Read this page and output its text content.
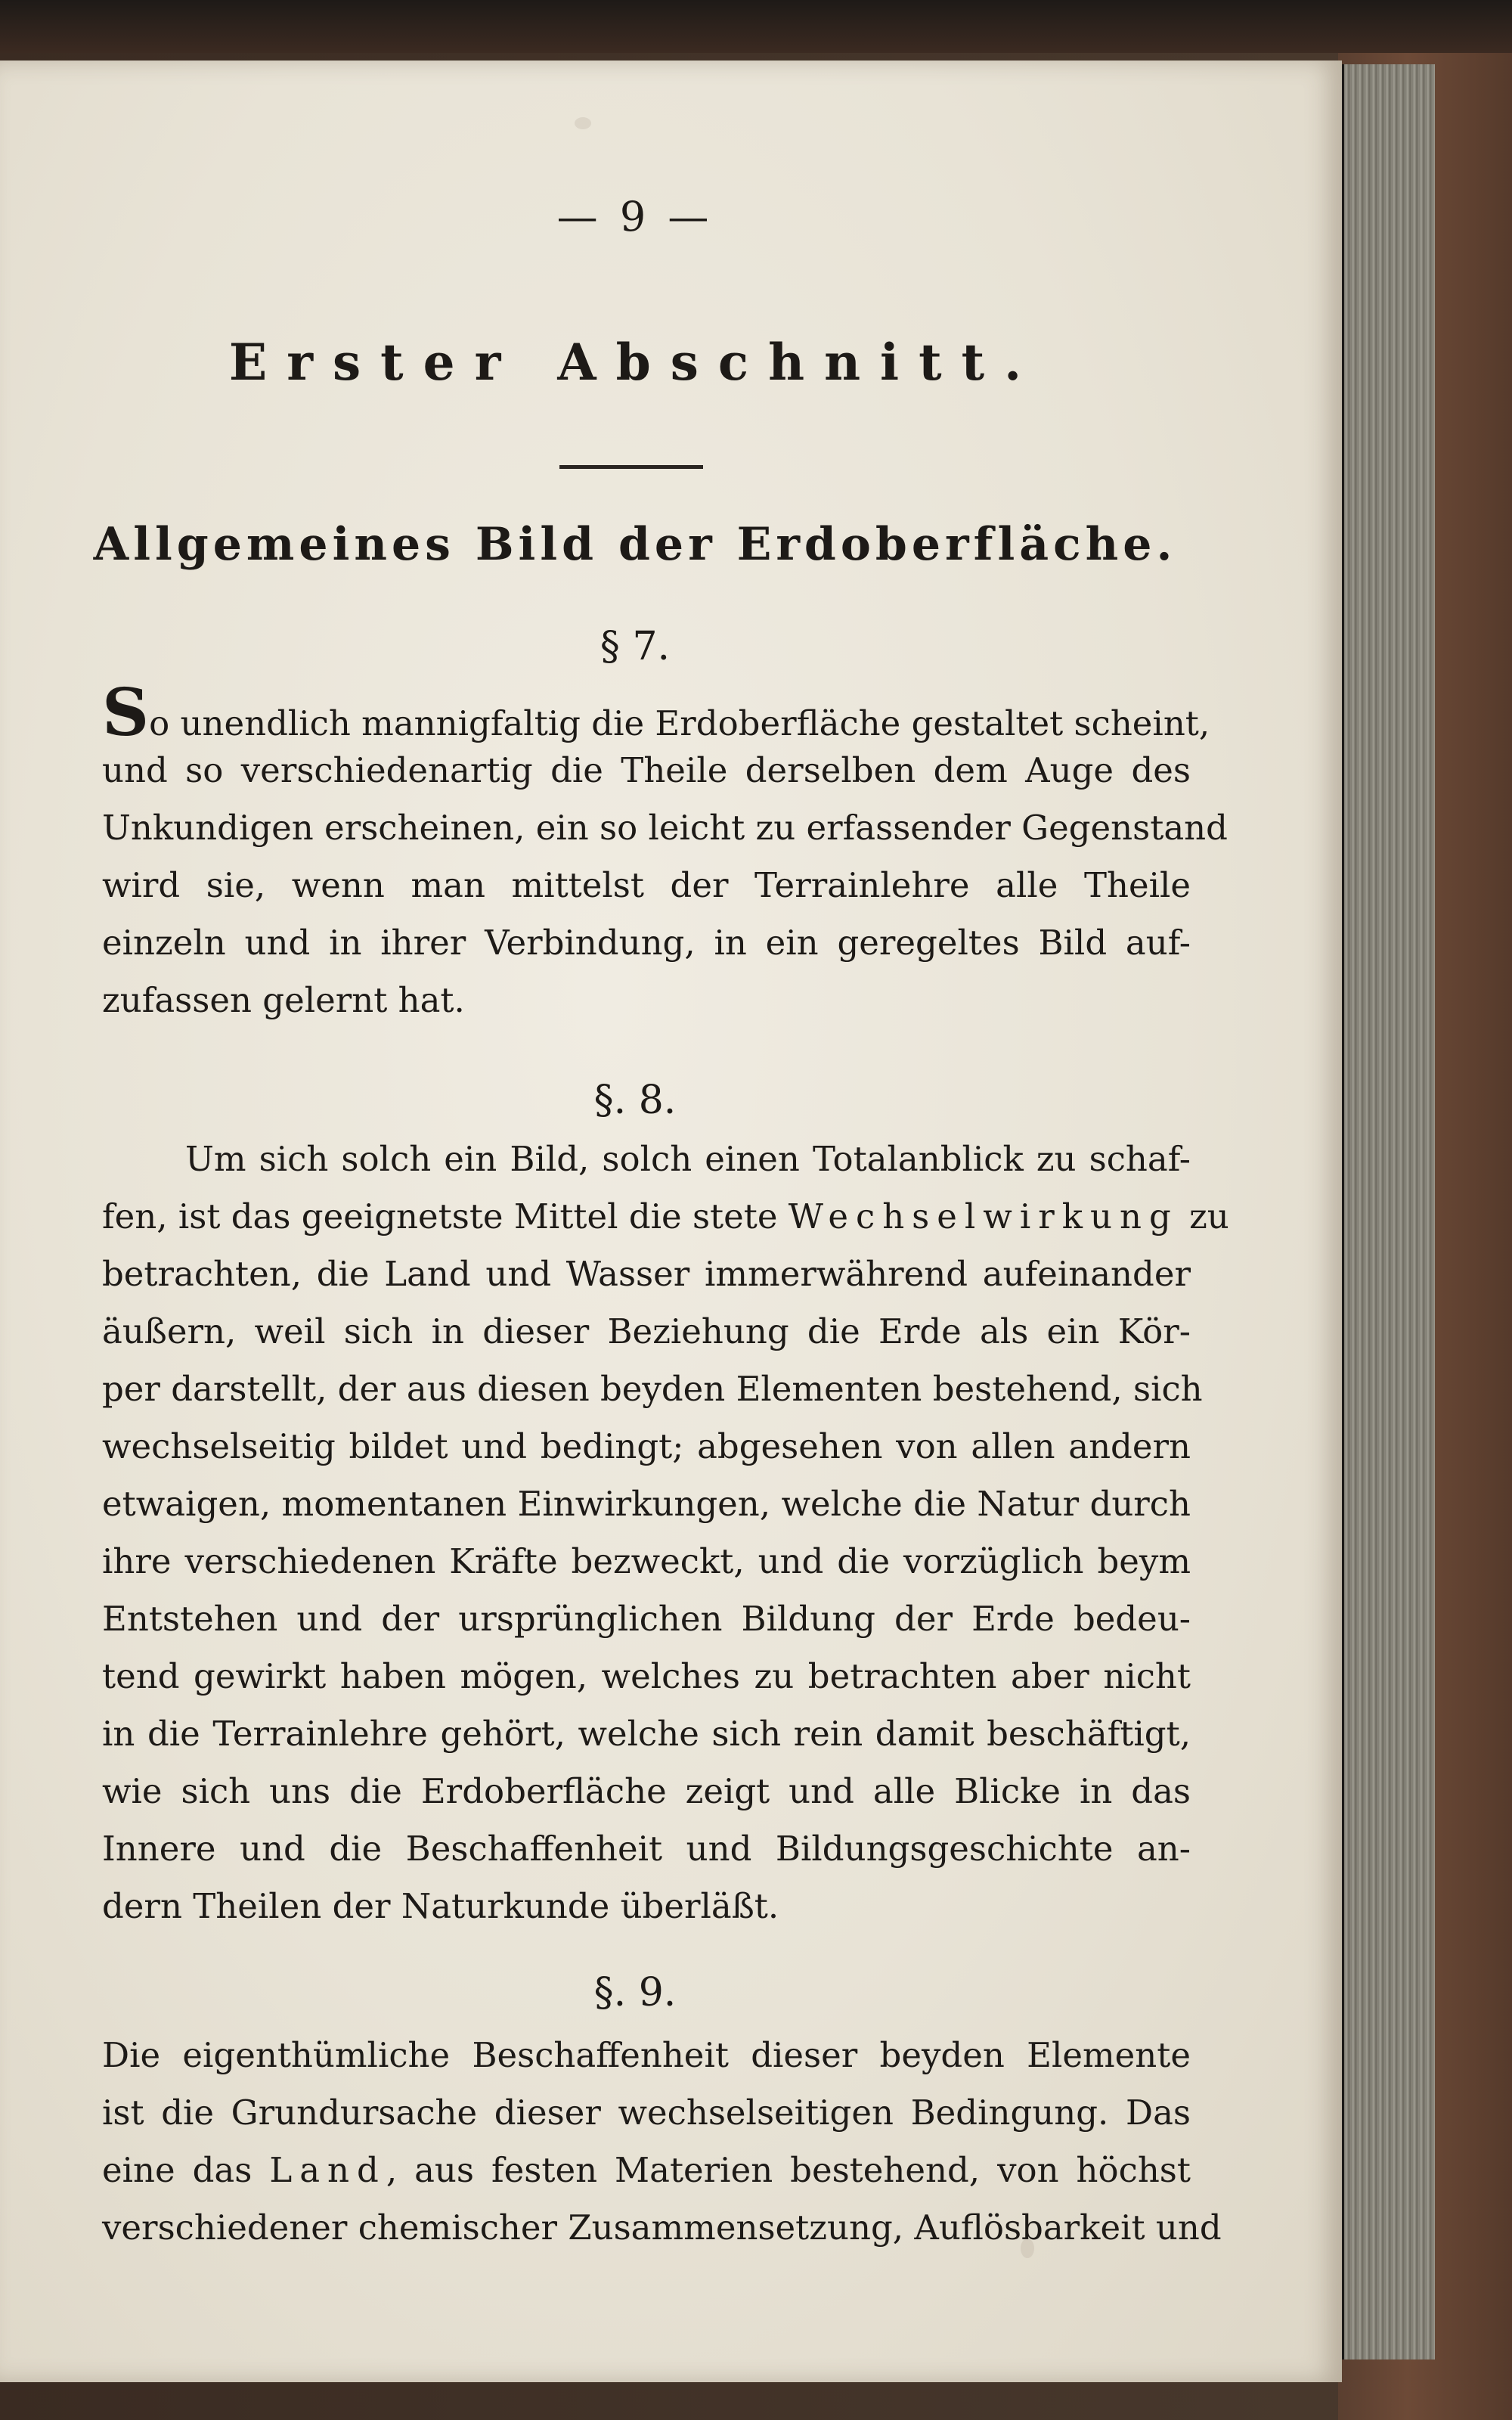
— 9 —
Erster Abschnitt.
Allgemeines Bild der Erdoberfläche.
§ 7.
So unendlich mannigfaltig die Erdoberfläche gestaltet scheint,
und so verschiedenartig die Theile derselben dem Auge des
Unkundigen erscheinen, ein so leicht zu erfassender Gegenstand
wird sie, wenn man mittelst der Terrainlehre alle Theile
einzeln und in ihrer Verbindung, in ein geregeltes Bild auf-
zufassen gelernt hat.
§. 8.
Um sich solch ein Bild, solch einen Totalanblick zu schaf-
fen, ist das geeignetste Mittel die stete Wechselwirkung zu
betrachten, die Land und Wasser immerwährend aufeinander
äußern, weil sich in dieser Beziehung die Erde als ein Kör-
per darstellt, der aus diesen beyden Elementen bestehend, sich
wechselseitig bildet und bedingt; abgesehen von allen andern
etwaigen, momentanen Einwirkungen, welche die Natur durch
ihre verschiedenen Kräfte bezweckt, und die vorzüglich beym
Entstehen und der ursprünglichen Bildung der Erde bedeu-
tend gewirkt haben mögen, welches zu betrachten aber nicht
in die Terrainlehre gehört, welche sich rein damit beschäftigt,
wie sich uns die Erdoberfläche zeigt und alle Blicke in das
Innere und die Beschaffenheit und Bildungsgeschichte an-
dern Theilen der Naturkunde überläßt.
§. 9.
Die eigenthümliche Beschaffenheit dieser beyden Elemente
ist die Grundursache dieser wechselseitigen Bedingung. Das
eine das Land, aus festen Materien bestehend, von höchst
verschiedener chemischer Zusammensetzung, Auflösbarkeit und
